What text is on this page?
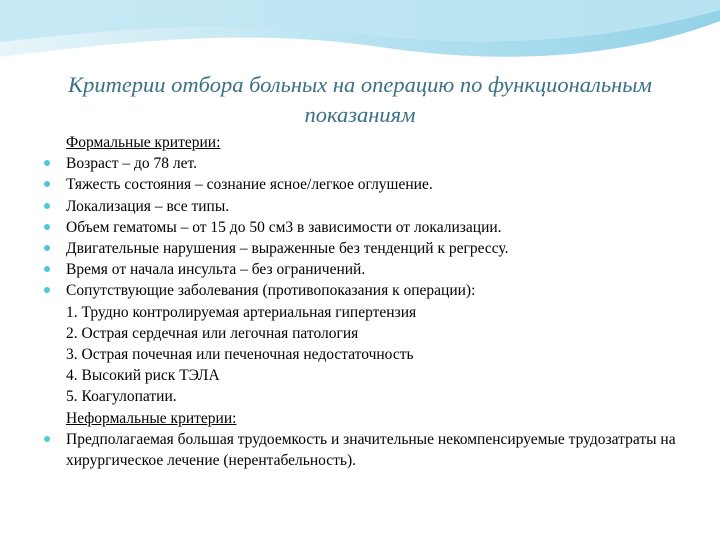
Критерии отбора больных на операцию по функциональным
показаниям
Формальные критерии:
Возраст – до 78 лет.
Тяжесть состояния – сознание ясное/легкое оглушение.
Локализация – все типы.
Объем гематомы – от 15 до 50 см3 в зависимости от локализации.
Двигательные нарушения – выраженные без тенденций к регрессу.
Время от начала инсульта – без ограничений.
Сопутствующие заболевания (противопоказания к операции):
1. Трудно контролируемая артериальная гипертензия
2. Острая сердечная или легочная патология
3. Острая почечная или печеночная недостаточность
4. Высокий риск ТЭЛА
5. Коагулопатии.
Неформальные критерии:
Предполагаемая большая трудоемкость и значительные некомпенсируемые трудозатраты на хирургическое лечение (нерентабельность).
